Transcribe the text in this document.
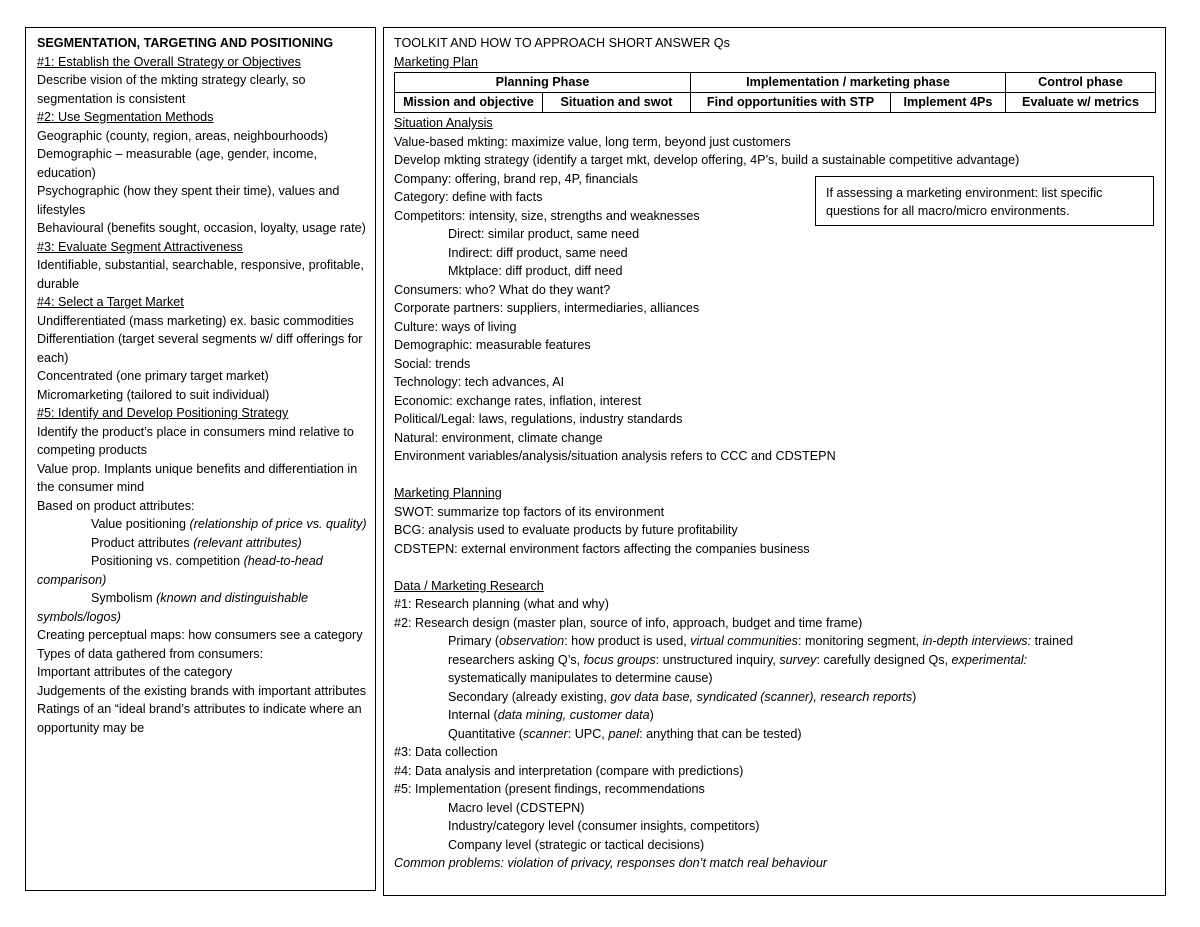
SEGMENTATION, TARGETING AND POSITIONING
#1: Establish the Overall Strategy or Objectives
Describe vision of the mkting strategy clearly, so segmentation is consistent
#2: Use Segmentation Methods
Geographic (county, region, areas, neighbourhoods)
Demographic – measurable (age, gender, income, education)
Psychographic (how they spent their time), values and lifestyles
Behavioural (benefits sought, occasion, loyalty, usage rate)
#3: Evaluate Segment Attractiveness
Identifiable, substantial, searchable, responsive, profitable, durable
#4: Select a Target Market
Undifferentiated (mass marketing) ex. basic commodities
Differentiation (target several segments w/ diff offerings for each)
Concentrated (one primary target market)
Micromarketing (tailored to suit individual)
#5: Identify and Develop Positioning Strategy
Identify the product’s place in consumers mind relative to competing products
Value prop. Implants unique benefits and differentiation in the consumer mind
Based on product attributes:
Value positioning (relationship of price vs. quality)
Product attributes (relevant attributes)
Positioning vs. competition (head-to-head comparison)
Symbolism (known and distinguishable symbols/logos)
Creating perceptual maps: how consumers see a category
Types of data gathered from consumers:
Important attributes of the category
Judgements of the existing brands with important attributes
Ratings of an “ideal brand’s attributes to indicate where an opportunity may be
TOOLKIT AND HOW TO APPROACH SHORT ANSWER Qs
Marketing Plan
Planning Phase		Implementation / marketing phase		Control phase
Mission and objective	Situation and swot	Find opportunities with STP	Implement 4Ps	Evaluate w/ metrics
Situation Analysis
Value-based mkting: maximize value, long term, beyond just customers
Develop mkting strategy (identify a target mkt, develop offering, 4P’s, build a sustainable competitive advantage)
Company: offering, brand rep, 4P, financials
Category: define with facts
Competitors: intensity, size, strengths and weaknesses
Direct: similar product, same need
Indirect: diff product, same need
Mktplace: diff product, diff need
Consumers: who? What do they want?
Corporate partners: suppliers, intermediaries, alliances
Culture: ways of living
Demographic: measurable features
Social: trends
Technology: tech advances, AI
Economic: exchange rates, inflation, interest
Political/Legal: laws, regulations, industry standards
Natural: environment, climate change
Environment variables/analysis/situation analysis refers to CCC and CDSTEPN
Marketing Planning
SWOT: summarize top factors of its environment
BCG: analysis used to evaluate products by future profitability
CDSTEPN: external environment factors affecting the companies business
Data / Marketing Research
#1: Research planning (what and why)
#2: Research design (master plan, source of info, approach, budget and time frame)
Primary (observation: how product is used, virtual communities: monitoring segment, in-depth interviews: trained
researchers asking Q’s, focus groups: unstructured inquiry, survey: carefully designed Qs, experimental:
systematically manipulates to determine cause)
Secondary (already existing, gov data base, syndicated (scanner), research reports)
Internal (data mining, customer data)
Quantitative (scanner: UPC, panel: anything that can be tested)
#3: Data collection
#4: Data analysis and interpretation (compare with predictions)
#5: Implementation (present findings, recommendations
Macro level (CDSTEPN)
Industry/category level (consumer insights, competitors)
Company level (strategic or tactical decisions)
Common problems: violation of privacy, responses don’t match real behaviour
If assessing a marketing environment: list specific questions for all macro/micro environments.
